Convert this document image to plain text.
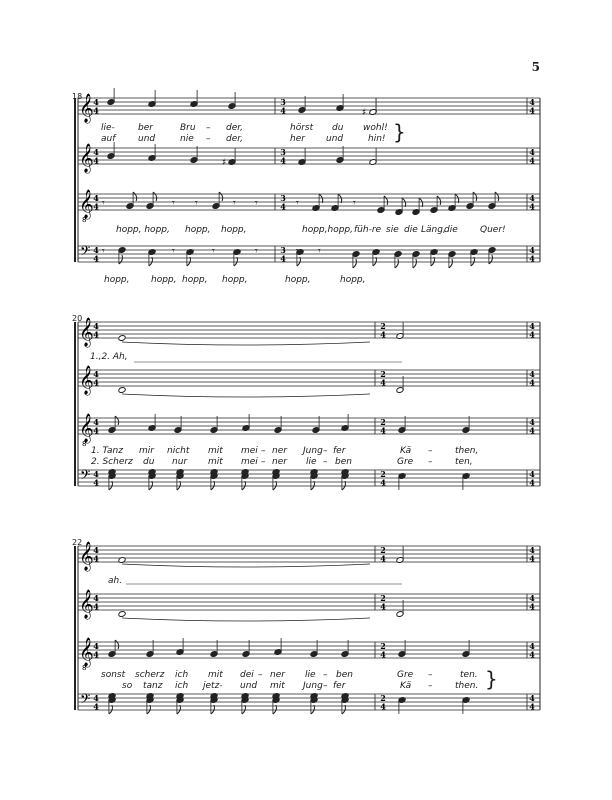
𝄞
𝄞
𝄞
8
𝄢
4
4
3
4
4
4
4
4
3
4
4
4
4
4
3
4
4
4
4
4
3
4
4
4
♯
♯
𝄾	𝄾 𝄾	𝄾 𝄾	𝄾	𝄾
𝄾	𝄾	𝄾	𝄾	𝄾
𝄞
𝄞
𝄞
8
𝄢
4
4
2
4
4
4
4
4
2
4
4
4
4
4
2
4
4
4
4
4
2
4
4
4
𝄞
𝄞
𝄞
8
𝄢
4
4
2
4
4
4
4
4
2
4
4
4
4
4
2
4
4
4
4
4
2
4
4
4
5
18
20
22
lie-	ber	Bru – der,	hörst du wohl!
auf	und	nie – der,	her und	hin! }
hopp, hopp, hopp, hopp,	hopp,hopp, füh-re sie die Läng,
die Quer!
hopp, hopp, hopp, hopp,	hopp,	hopp,
1.,2. Ah,
1. Tanz mir nicht mit mei – ner Jung – fer	Kä –	then,
2. Scherz du nur mit mei – ner lie – ben	Gre –	ten,
ah.
sonst scherz ich mit dei – ner lie – ben	Gre –	ten.
so tanz ich jetz- und mit Jung – fer	Kä –	then. }
